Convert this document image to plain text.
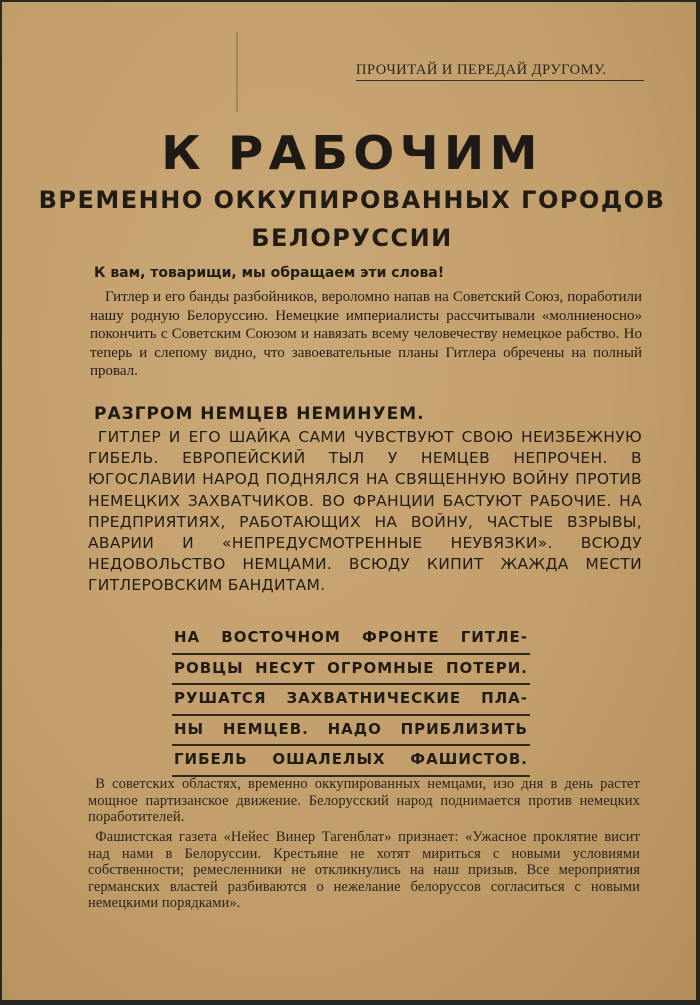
ПРОЧИТАЙ И ПЕРЕДАЙ ДРУГОМУ.
К РАБОЧИМ
ВРЕМЕННО ОККУПИРОВАННЫХ ГОРОДОВ
БЕЛОРУССИИ
К вам, товарищи, мы обращаем эти слова!
Гитлер и его банды разбойников, вероломно напав на Советский Союз, поработили нашу родную Белоруссию. Немецкие империалисты рассчитывали «молниеносно» покончить с Советским Союзом и навязать всему человечеству немецкое рабство. Но теперь и слепому видно, что завоевательные планы Гитлера обречены на полный провал.
РАЗГРОМ НЕМЦЕВ НЕМИНУЕМ.
ГИТЛЕР И ЕГО ШАЙКА САМИ ЧУВСТВУЮТ СВОЮ НЕИЗБЕЖНУЮ ГИБЕЛЬ. ЕВРОПЕЙСКИЙ ТЫЛ У НЕМЦЕВ НЕПРОЧЕН. В ЮГОСЛАВИИ НАРОД ПОДНЯЛСЯ НА СВЯЩЕННУЮ ВОЙНУ ПРОТИВ НЕМЕЦКИХ ЗАХВАТЧИКОВ. ВО ФРАНЦИИ БАСТУЮТ РАБОЧИЕ. НА ПРЕДПРИЯТИЯХ, РАБОТАЮЩИХ НА ВОЙНУ, ЧАСТЫЕ ВЗРЫВЫ, АВАРИИ И «НЕПРЕДУСМОТРЕННЫЕ НЕУВЯЗКИ». ВСЮДУ НЕДОВОЛЬСТВО НЕМЦАМИ. ВСЮДУ КИПИТ ЖАЖДА МЕСТИ ГИТЛЕРОВСКИМ БАНДИТАМ.
НА ВОСТОЧНОМ ФРОНТЕ ГИТЛЕ-
РОВЦЫ НЕСУТ ОГРОМНЫЕ ПОТЕРИ.
РУШАТСЯ ЗАХВАТНИЧЕСКИЕ ПЛА-
НЫ НЕМЦЕВ. НАДО ПРИБЛИЗИТЬ
ГИБЕЛЬ ОШАЛЕЛЫХ ФАШИСТОВ.
В советских областях, временно оккупированных немцами, изо дня в день растет мощное партизанское движение. Белорусский народ поднимается против немецких поработителей.
Фашистская газета «Нейес Винер Тагенблат» признает: «Ужасное проклятие висит над нами в Белоруссии. Крестьяне не хотят мириться с новыми условиями собственности; ремесленники не откликнулись на наш призыв. Все мероприятия германских властей разбиваются о нежелание белоруссов согласиться с новыми немецкими порядками».
